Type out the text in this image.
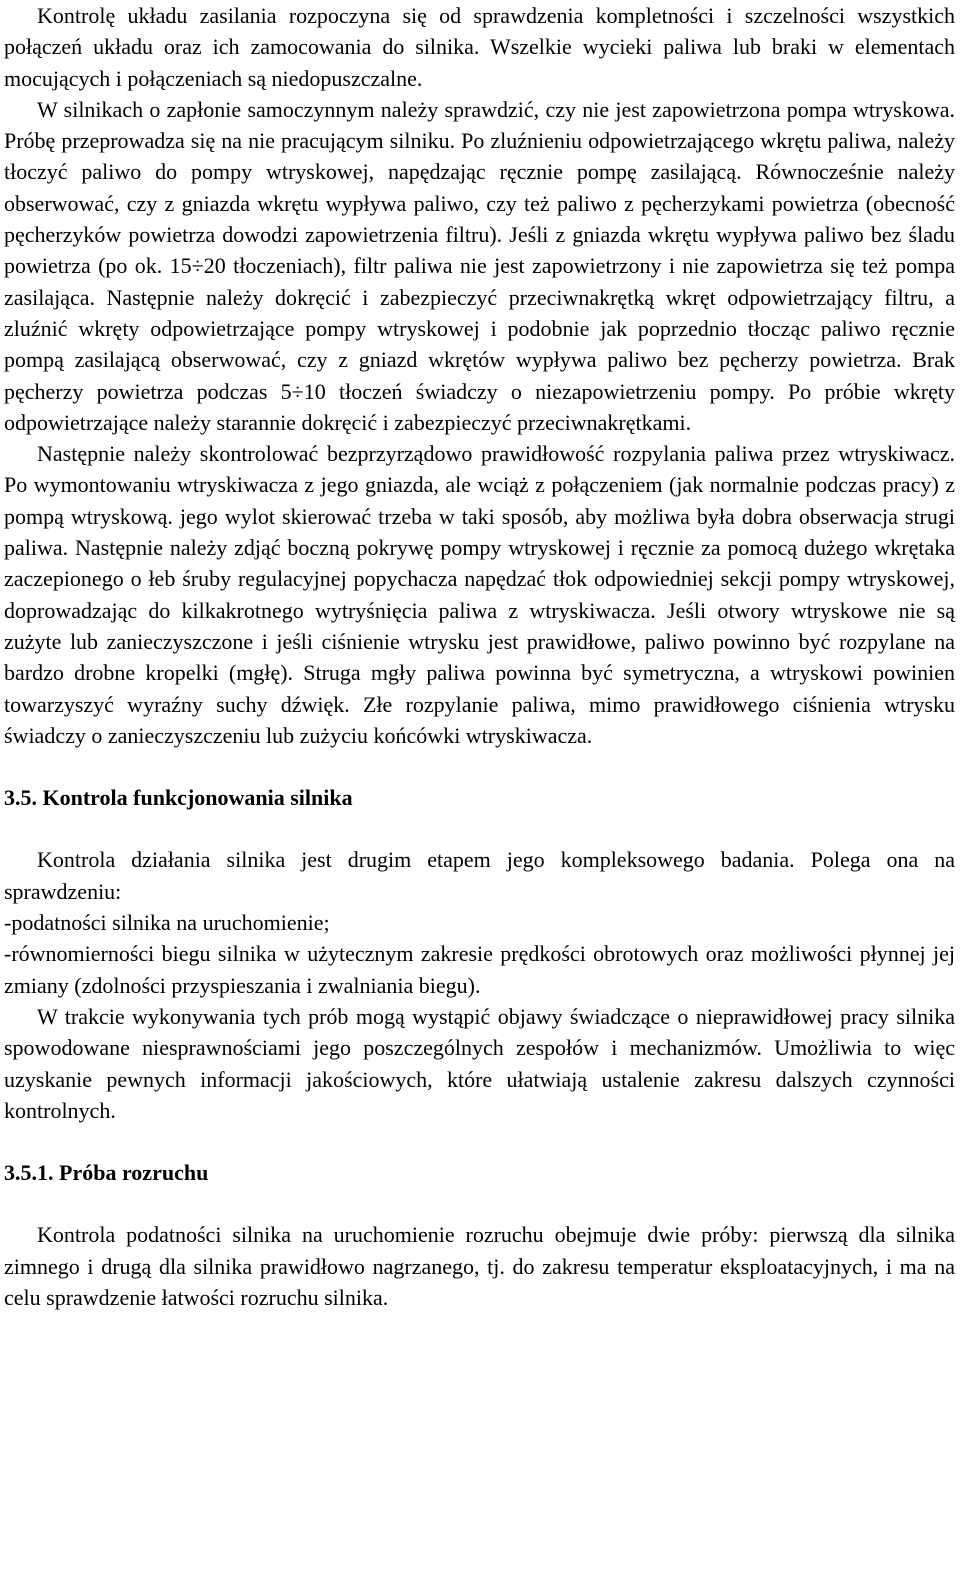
Kontrolę układu zasilania rozpoczyna się od sprawdzenia kompletności i szczelności wszystkich połączeń układu oraz ich zamocowania do silnika. Wszelkie wycieki paliwa lub braki w elementach mocujących i połączeniach są niedopuszczalne.

W silnikach o zapłonie samoczynnym należy sprawdzić, czy nie jest zapowietrzona pompa wtryskowa. Próbę przeprowadza się na nie pracującym silniku. Po zluźnieniu odpowietrzającego wkrętu paliwa, należy tłoczyć paliwo do pompy wtryskowej, napędzając ręcznie pompę zasilającą. Równocześnie należy obserwować, czy z gniazda wkrętu wypływa paliwo, czy też paliwo z pęcherzykami powietrza (obecność pęcherzyków powietrza dowodzi zapowietrzenia filtru). Jeśli z gniazda wkrętu wypływa paliwo bez śladu powietrza (po ok. 15÷20 tłoczeniach), filtr paliwa nie jest zapowietrzony i nie zapowietrza się też pompa zasilająca. Następnie należy dokręcić i zabezpieczyć przeciwnakrętką wkręt odpowietrzający filtru, a zluźnić wkręty odpowietrzające pompy wtryskowej i podobnie jak poprzednio tłocząc paliwo ręcznie pompą zasilającą obserwować, czy z gniazd wkrętów wypływa paliwo bez pęcherzy powietrza. Brak pęcherzy powietrza podczas 5÷10 tłoczeń świadczy o niezapowietrzeniu pompy. Po próbie wkręty odpowietrzające należy starannie dokręcić i zabezpieczyć przeciwnakrętkami.

Następnie należy skontrolować bezprzyrządowo prawidłowość rozpylania paliwa przez wtryskiwacz. Po wymontowaniu wtryskiwacza z jego gniazda, ale wciąż z połączeniem (jak normalnie podczas pracy) z pompą wtryskową. jego wylot skierować trzeba w taki sposób, aby możliwa była dobra obserwacja strugi paliwa. Następnie należy zdjąć boczną pokrywę pompy wtryskowej i ręcznie za pomocą dużego wkrętaka zaczepionego o łeb śruby regulacyjnej popychacza napędzać tłok odpowiedniej sekcji pompy wtryskowej, doprowadzając do kilkakrotnego wytryśnięcia paliwa z wtryskiwacza. Jeśli otwory wtryskowe nie są zużyte lub zanieczyszczone i jeśli ciśnienie wtrysku jest prawidłowe, paliwo powinno być rozpylane na bardzo drobne kropelki (mgłę). Struga mgły paliwa powinna być symetryczna, a wtryskowi powinien towarzyszyć wyraźny suchy dźwięk. Złe rozpylanie paliwa, mimo prawidłowego ciśnienia wtrysku świadczy o zanieczyszczeniu lub zużyciu końcówki wtryskiwacza.

3.5. Kontrola funkcjonowania silnika

Kontrola działania silnika jest drugim etapem jego kompleksowego badania. Polega ona na sprawdzeniu:

-podatności silnika na uruchomienie;

-równomierności biegu silnika w użytecznym zakresie prędkości obrotowych oraz możliwości płynnej jej zmiany (zdolności przyspieszania i zwalniania biegu).

W trakcie wykonywania tych prób mogą wystąpić objawy świadczące o nieprawidłowej pracy silnika spowodowane niesprawnościami jego poszczególnych zespołów i mechanizmów. Umożliwia to więc uzyskanie pewnych informacji jakościowych, które ułatwiają ustalenie zakresu dalszych czynności kontrolnych.

3.5.1. Próba rozruchu

Kontrola podatności silnika na uruchomienie rozruchu obejmuje dwie próby: pierwszą dla silnika zimnego i drugą dla silnika prawidłowo nagrzanego, tj. do zakresu temperatur eksploatacyjnych, i ma na celu sprawdzenie łatwości rozruchu silnika.
